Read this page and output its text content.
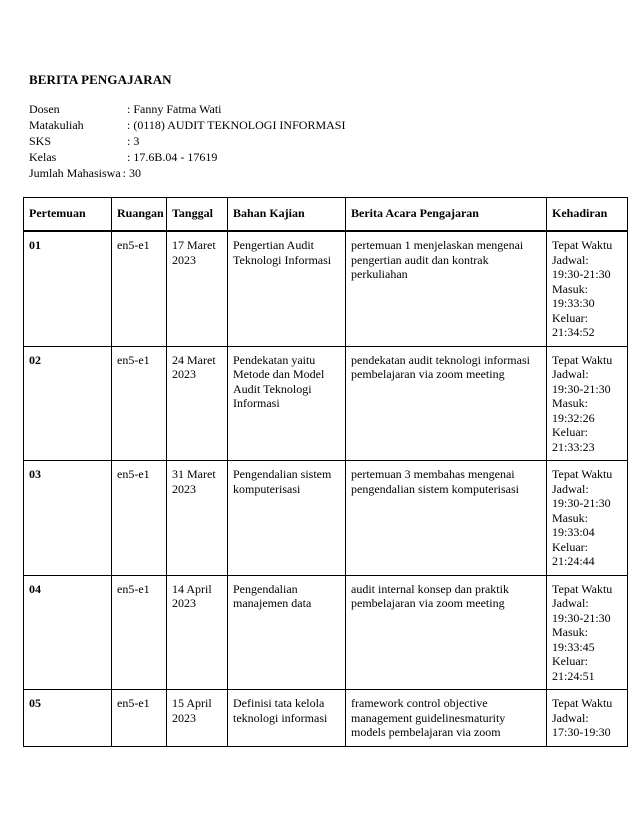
BERITA PENGAJARAN
Dosen	:
Fanny Fatma Wati
Matakuliah	:
(0118) AUDIT TEKNOLOGI INFORMASI
SKS	:
3
Kelas	:
17.6B.04 - 17619
Jumlah Mahasiswa :
30
Pertemuan	Ruangan	Tanggal	Bahan Kajian	Berita Acara Pengajaran	Kehadiran
01	en5-e1	17 Maret 2023	Pengertian Audit Teknologi Informasi	pertemuan 1 menjelaskan mengenai pengertian audit dan kontrak perkuliahan	Tepat Waktu
Jadwal: 19:30-21:30
Masuk: 19:33:30
Keluar: 21:34:52

02	en5-e1	24 Maret 2023	Pendekatan yaitu Metode dan Model Audit Teknologi Informasi	pendekatan audit teknologi informasi pembelajaran via zoom meeting	Tepat Waktu
Jadwal: 19:30-21:30
Masuk: 19:32:26
Keluar: 21:33:23

03	en5-e1	31 Maret 2023	Pengendalian sistem komputerisasi	pertemuan 3 membahas mengenai pengendalian sistem komputerisasi	Tepat Waktu
Jadwal: 19:30-21:30
Masuk: 19:33:04
Keluar: 21:24:44

04	en5-e1	14 April 2023	Pengendalian manajemen data	audit internal konsep dan praktik pembelajaran via zoom meeting	Tepat Waktu
Jadwal: 19:30-21:30
Masuk: 19:33:45
Keluar: 21:24:51

05	en5-e1	15 April 2023	Definisi tata kelola teknologi informasi	framework control objective management guidelinesmaturity models pembelajaran via zoom	Tepat Waktu
Jadwal: 17:30-19:30
